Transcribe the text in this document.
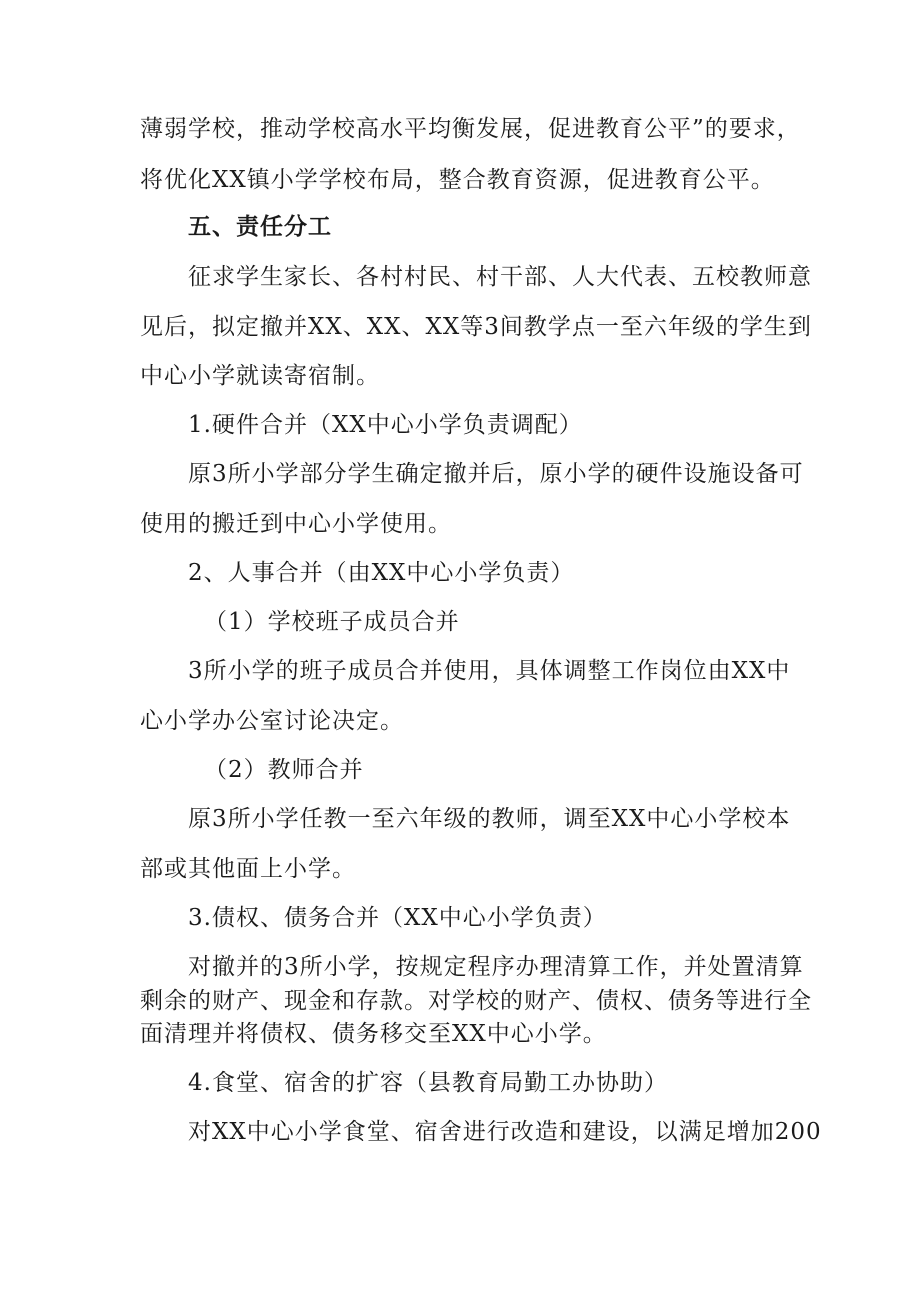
薄弱学校，推动学校高水平均衡发展，促进教育公平”的要求，
将优化XX镇小学学校布局，整合教育资源，促进教育公平。
五、责任分工
征求学生家长、各村村民、村干部、人大代表、五校教师意
见后，拟定撤并XX、XX、XX等3间教学点一至六年级的学生到
中心小学就读寄宿制。
1.硬件合并（XX中心小学负责调配）
原3所小学部分学生确定撤并后，原小学的硬件设施设备可
使用的搬迁到中心小学使用。
2、人事合并（由XX中心小学负责）
（1）学校班子成员合并
3所小学的班子成员合并使用，具体调整工作岗位由XX中
心小学办公室讨论决定。
（2）教师合并
原3所小学任教一至六年级的教师，调至XX中心小学校本
部或其他面上小学。
3.债权、债务合并（XX中心小学负责）
对撤并的3所小学，按规定程序办理清算工作，并处置清算
剩余的财产、现金和存款。对学校的财产、债权、债务等进行全
面清理并将债权、债务移交至XX中心小学。
4.食堂、宿舍的扩容（县教育局勤工办协助）
对XX中心小学食堂、宿舍进行改造和建设，以满足增加200
